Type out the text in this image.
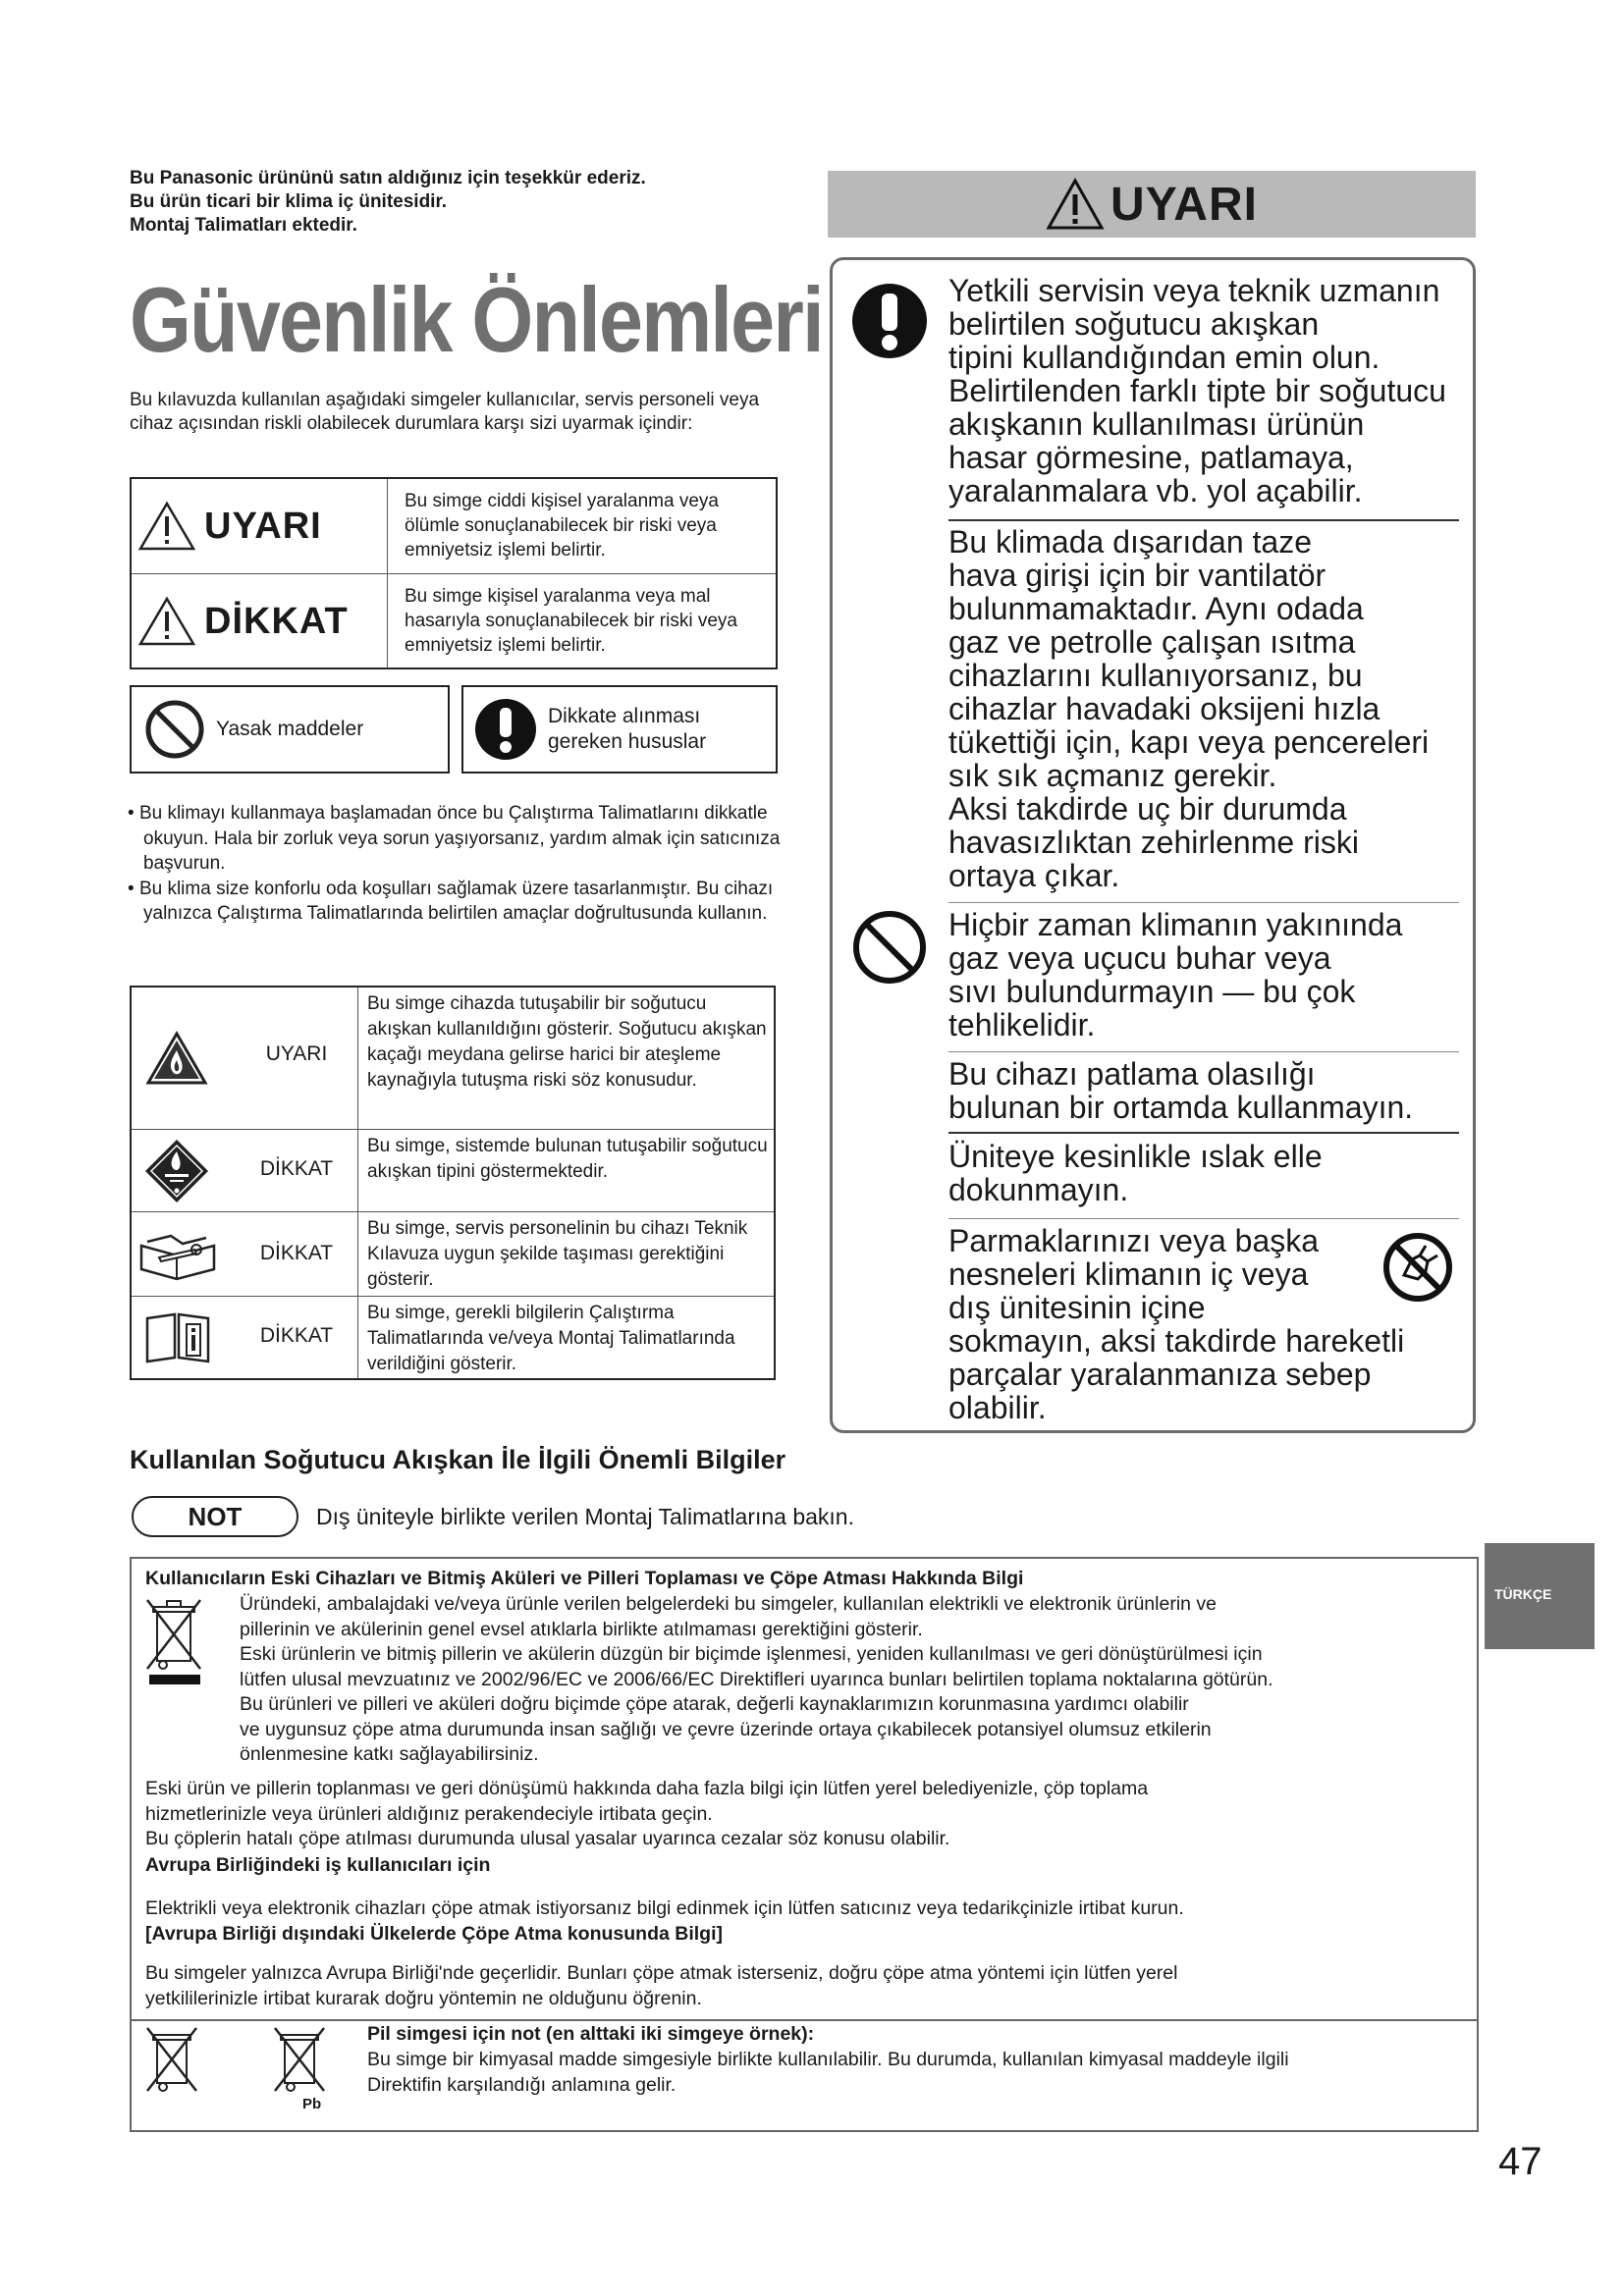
Bu Panasonic ürününü satın aldığınız için teşekkür ederiz.
Bu ürün ticari bir klima iç ünitesidir.
Montaj Talimatları ektedir.
Güvenlik Önlemleri
Bu kılavuzda kullanılan aşağıdaki simgeler kullanıcılar, servis personeli veya cihaz açısından riskli olabilecek durumlara karşı sizi uyarmak içindir:
UYARI
Bu simge ciddi kişisel yaralanma veya ölümle sonuçlanabilecek bir riski veya emniyetsiz işlemi belirtir.
DİKKAT
Bu simge kişisel yaralanma veya mal hasarıyla sonuçlanabilecek bir riski veya emniyetsiz işlemi belirtir.
Yasak maddeler
Dikkate alınması gereken hususlar
• Bu klimayı kullanmaya başlamadan önce bu Çalıştırma Talimatlarını dikkatle okuyun. Hala bir zorluk veya sorun yaşıyorsanız, yardım almak için satıcınıza başvurun.
• Bu klima size konforlu oda koşulları sağlamak üzere tasarlanmıştır. Bu cihazı yalnızca Çalıştırma Talimatlarında belirtilen amaçlar doğrultusunda kullanın.
UYARI
Bu simge cihazda tutuşabilir bir soğutucu akışkan kullanıldığını gösterir. Soğutucu akışkan kaçağı meydana gelirse harici bir ateşleme kaynağıyla tutuşma riski söz konusudur.
DİKKAT
Bu simge, sistemde bulunan tutuşabilir soğutucu akışkan tipini göstermektedir.
DİKKAT
Bu simge, servis personelinin bu cihazı Teknik Kılavuza uygun şekilde taşıması gerektiğini gösterir.
DİKKAT
Bu simge, gerekli bilgilerin Çalıştırma Talimatlarında ve/veya Montaj Talimatlarında verildiğini gösterir.
UYARI
Yetkili servisin veya teknik uzmanın
belirtilen soğutucu akışkan
tipini kullandığından emin olun.
Belirtilenden farklı tipte bir soğutucu
akışkanın kullanılması ürünün
hasar görmesine, patlamaya,
yaralanmalara vb. yol açabilir.
Bu klimada dışarıdan taze
hava girişi için bir vantilatör
bulunmamaktadır. Aynı odada
gaz ve petrolle çalışan ısıtma
cihazlarını kullanıyorsanız, bu
cihazlar havadaki oksijeni hızla
tükettiği için, kapı veya pencereleri
sık sık açmanız gerekir.
Aksi takdirde uç bir durumda
havasızlıktan zehirlenme riski
ortaya çıkar.
Hiçbir zaman klimanın yakınında
gaz veya uçucu buhar veya
sıvı bulundurmayın — bu çok
tehlikelidir.
Bu cihazı patlama olasılığı
bulunan bir ortamda kullanmayın.
Üniteye kesinlikle ıslak elle
dokunmayın.
Parmaklarınızı veya başka
nesneleri klimanın iç veya
dış ünitesinin içine
sokmayın, aksi takdirde hareketli
parçalar yaralanmanıza sebep
olabilir.
Kullanılan Soğutucu Akışkan İle İlgili Önemli Bilgiler
NOT	Dış üniteyle birlikte verilen Montaj Talimatlarına bakın.
TÜRKÇE
Kullanıcıların Eski Cihazları ve Bitmiş Aküleri ve Pilleri Toplaması ve Çöpe Atması Hakkında Bilgi
Üründeki, ambalajdaki ve/veya ürünle verilen belgelerdeki bu simgeler, kullanılan elektrikli ve elektronik ürünlerin ve
pillerinin ve akülerinin genel evsel atıklarla birlikte atılmaması gerektiğini gösterir.
Eski ürünlerin ve bitmiş pillerin ve akülerin düzgün bir biçimde işlenmesi, yeniden kullanılması ve geri dönüştürülmesi için
lütfen ulusal mevzuatınız ve 2002/96/EC ve 2006/66/EC Direktifleri uyarınca bunları belirtilen toplama noktalarına götürün.
Bu ürünleri ve pilleri ve aküleri doğru biçimde çöpe atarak, değerli kaynaklarımızın korunmasına yardımcı olabilir
ve uygunsuz çöpe atma durumunda insan sağlığı ve çevre üzerinde ortaya çıkabilecek potansiyel olumsuz etkilerin
önlenmesine katkı sağlayabilirsiniz.
Eski ürün ve pillerin toplanması ve geri dönüşümü hakkında daha fazla bilgi için lütfen yerel belediyenizle, çöp toplama
hizmetlerinizle veya ürünleri aldığınız perakendeciyle irtibata geçin.
Bu çöplerin hatalı çöpe atılması durumunda ulusal yasalar uyarınca cezalar söz konusu olabilir.
Avrupa Birliğindeki iş kullanıcıları için
Elektrikli veya elektronik cihazları çöpe atmak istiyorsanız bilgi edinmek için lütfen satıcınız veya tedarikçinizle irtibat kurun.
[Avrupa Birliği dışındaki Ülkelerde Çöpe Atma konusunda Bilgi]
Bu simgeler yalnızca Avrupa Birliği'nde geçerlidir. Bunları çöpe atmak isterseniz, doğru çöpe atma yöntemi için lütfen yerel
yetkililerinizle irtibat kurarak doğru yöntemin ne olduğunu öğrenin.
Pb
Pil simgesi için not (en alttaki iki simgeye örnek):
Bu simge bir kimyasal madde simgesiyle birlikte kullanılabilir. Bu durumda, kullanılan kimyasal maddeyle ilgili
Direktifin karşılandığı anlamına gelir.
47
